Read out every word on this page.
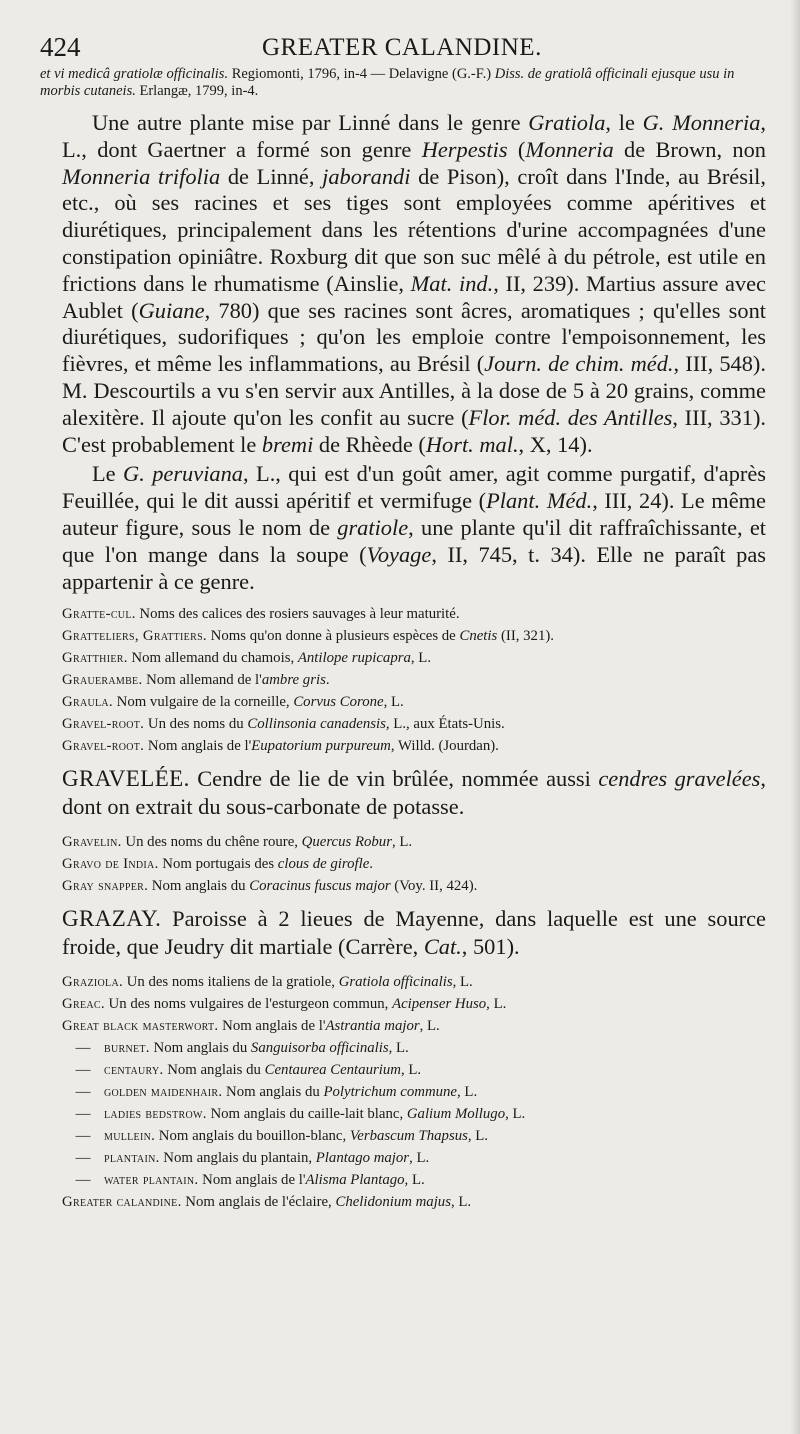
424	GREATER CALANDINE.
et vi medicâ gratiolæ officinalis. Regiomonti, 1796, in-4 — Delavigne (G.-F.) Diss. de gratiolâ officinali ejusque usu in morbis cutaneis. Erlangæ, 1799, in-4.

Une autre plante mise par Linné dans le genre Gratiola, le G. Monneria, L., dont Gaertner a formé son genre Herpestis (Monneria de Brown, non Monneria trifolia de Linné, jaborandi de Pison), croît dans l'Inde, au Brésil, etc., où ses racines et ses tiges sont employées comme apéritives et diurétiques, principalement dans les rétentions d'urine accompagnées d'une constipation opiniâtre. Roxburg dit que son suc mêlé à du pétrole, est utile en frictions dans le rhumatisme (Ainslie, Mat. ind., II, 239). Martius assure avec Aublet (Guiane, 780) que ses racines sont âcres, aromatiques ; qu'elles sont diurétiques, sudorifiques ; qu'on les emploie contre l'empoisonnement, les fièvres, et même les inflammations, au Brésil (Journ. de chim. méd., III, 548). M. Descourtils a vu s'en servir aux Antilles, à la dose de 5 à 20 grains, comme alexitère. Il ajoute qu'on les confit au sucre (Flor. méd. des Antilles, III, 331). C'est probablement le bremi de Rhèede (Hort. mal., X, 14).

Le G. peruviana, L., qui est d'un goût amer, agit comme purgatif, d'après Feuillée, qui le dit aussi apéritif et vermifuge (Plant. Méd., III, 24). Le même auteur figure, sous le nom de gratiole, une plante qu'il dit raffraîchissante, et que l'on mange dans la soupe (Voyage, II, 745, t. 34). Elle ne paraît pas appartenir à ce genre.

Gratte-cul. Noms des calices des rosiers sauvages à leur maturité.
Gratteliers, Grattiers. Noms qu'on donne à plusieurs espèces de Cnetis (II, 321).
Gratthier. Nom allemand du chamois, Antilope rupicapra, L.
Grauerambe. Nom allemand de l'ambre gris.
Graula. Nom vulgaire de la corneille, Corvus Corone, L.
Gravel-root. Un des noms du Collinsonia canadensis, L., aux États-Unis.
Gravel-root. Nom anglais de l'Eupatorium purpureum, Willd. (Jourdan).

GRAVELÉE. Cendre de lie de vin brûlée, nommée aussi cendres gravelées, dont on extrait du sous-carbonate de potasse.

Gravelin. Un des noms du chêne roure, Quercus Robur, L.
Gravo de India. Nom portugais des clous de girofle.
Gray snapper. Nom anglais du Coracinus fuscus major (Voy. II, 424).

GRAZAY. Paroisse à 2 lieues de Mayenne, dans laquelle est une source froide, que Jeudry dit martiale (Carrère, Cat., 501).

Graziola. Un des noms italiens de la gratiole, Gratiola officinalis, L.
Greac. Un des noms vulgaires de l'esturgeon commun, Acipenser Huso, L.
Great black masterwort. Nom anglais de l'Astrantia major, L.
— burnet. Nom anglais du Sanguisorba officinalis, L.
— centaury. Nom anglais du Centaurea Centaurium, L.
— golden maidenhair. Nom anglais du Polytrichum commune, L.
— ladies bedstrow. Nom anglais du caille-lait blanc, Galium Mollugo, L.
— mullein. Nom anglais du bouillon-blanc, Verbascum Thapsus, L.
— plantain. Nom anglais du plantain, Plantago major, L.
— water plantain. Nom anglais de l'Alisma Plantago, L.
Greater calandine. Nom anglais de l'éclaire, Chelidonium majus, L.
